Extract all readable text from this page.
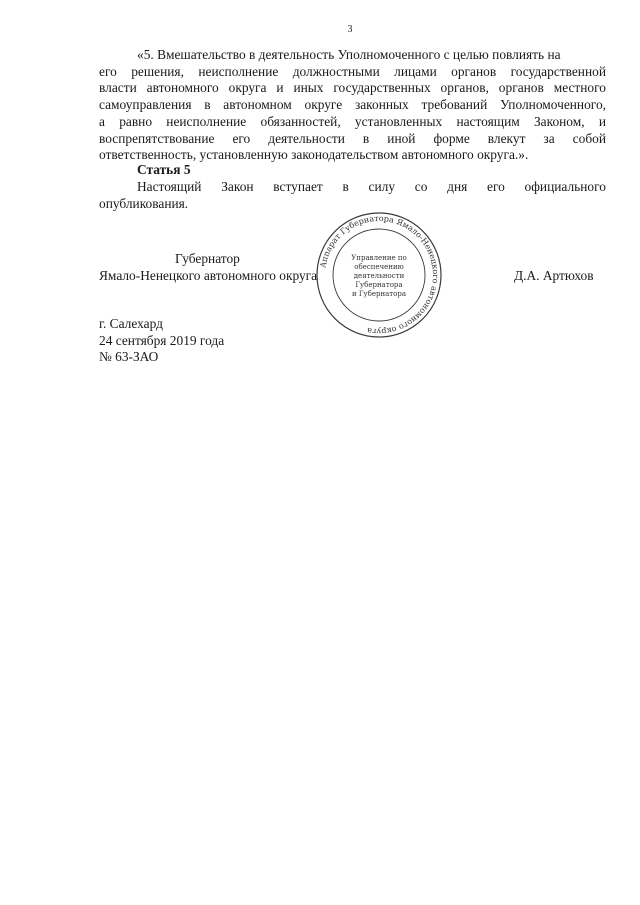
3
«5. Вмешательство в деятельность Уполномоченного с целью повлиять на
его решения, неисполнение должностными лицами органов государственной
власти автономного округа и иных государственных органов, органов местного
самоуправления в автономном округе законных требований Уполномоченного,
а равно неисполнение обязанностей, установленных настоящим Законом, и
воспрепятствование его деятельности в иной форме влекут за собой
ответственность, установленную законодательством автономного округа.».
Статья 5
Настоящий Закон вступает в силу со дня его официального
опубликования.
Аппарат Губернатора Ямало-Ненецкого автономного округа
Управление по
обеспечению
деятельности
Губернатора
и Губернатора
Губернатор
Ямало-Ненецкого автономного округа	Д.А. Артюхов
г. Салехард
24 сентября 2019 года
№ 63-ЗАО
